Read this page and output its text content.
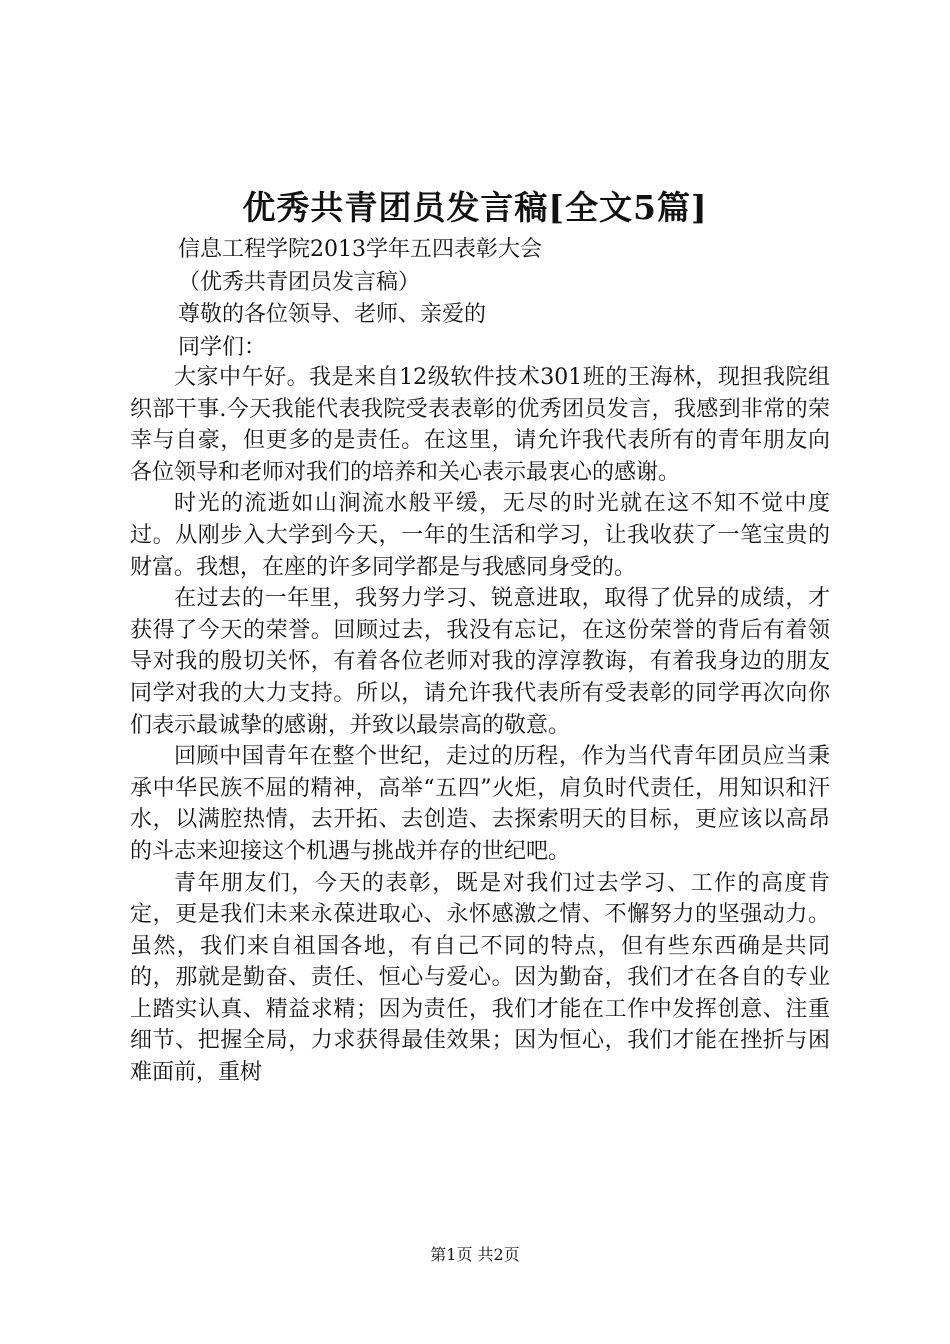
优秀共青团员发言稿[全文5篇]
信息工程学院2013学年五四表彰大会
（优秀共青团员发言稿）
尊敬的各位领导、老师、亲爱的
同学们：

大家中午好。我是来自12级软件技术301班的王海林，现担我院组织部干事.今天我能代表我院受表表彰的优秀团员发言，我感到非常的荣幸与自豪，但更多的是责任。在这里，请允许我代表所有的青年朋友向各位领导和老师对我们的培养和关心表示最衷心的感谢。

时光的流逝如山涧流水般平缓，无尽的时光就在这不知不觉中度过。从刚步入大学到今天，一年的生活和学习，让我收获了一笔宝贵的财富。我想，在座的许多同学都是与我感同身受的。

在过去的一年里，我努力学习、锐意进取，取得了优异的成绩，才获得了今天的荣誉。回顾过去，我没有忘记，在这份荣誉的背后有着领导对我的殷切关怀，有着各位老师对我的淳淳教诲，有着我身边的朋友同学对我的大力支持。所以，请允许我代表所有受表彰的同学再次向你们表示最诚挚的感谢，并致以最崇高的敬意。

回顾中国青年在整个世纪，走过的历程，作为当代青年团员应当秉承中华民族不屈的精神，高举“五四”火炬，肩负时代责任，用知识和汗水，以满腔热情，去开拓、去创造、去探索明天的目标，更应该以高昂的斗志来迎接这个机遇与挑战并存的世纪吧。

青年朋友们，今天的表彰，既是对我们过去学习、工作的高度肯定，更是我们未来永葆进取心、永怀感激之情、不懈努力的坚强动力。虽然，我们来自祖国各地，有自己不同的特点，但有些东西确是共同的，那就是勤奋、责任、恒心与爱心。因为勤奋，我们才在各自的专业上踏实认真、精益求精；因为责任，我们才能在工作中发挥创意、注重细节、把握全局，力求获得最佳效果；因为恒心，我们才能在挫折与困难面前，重树

第1页 共2页
